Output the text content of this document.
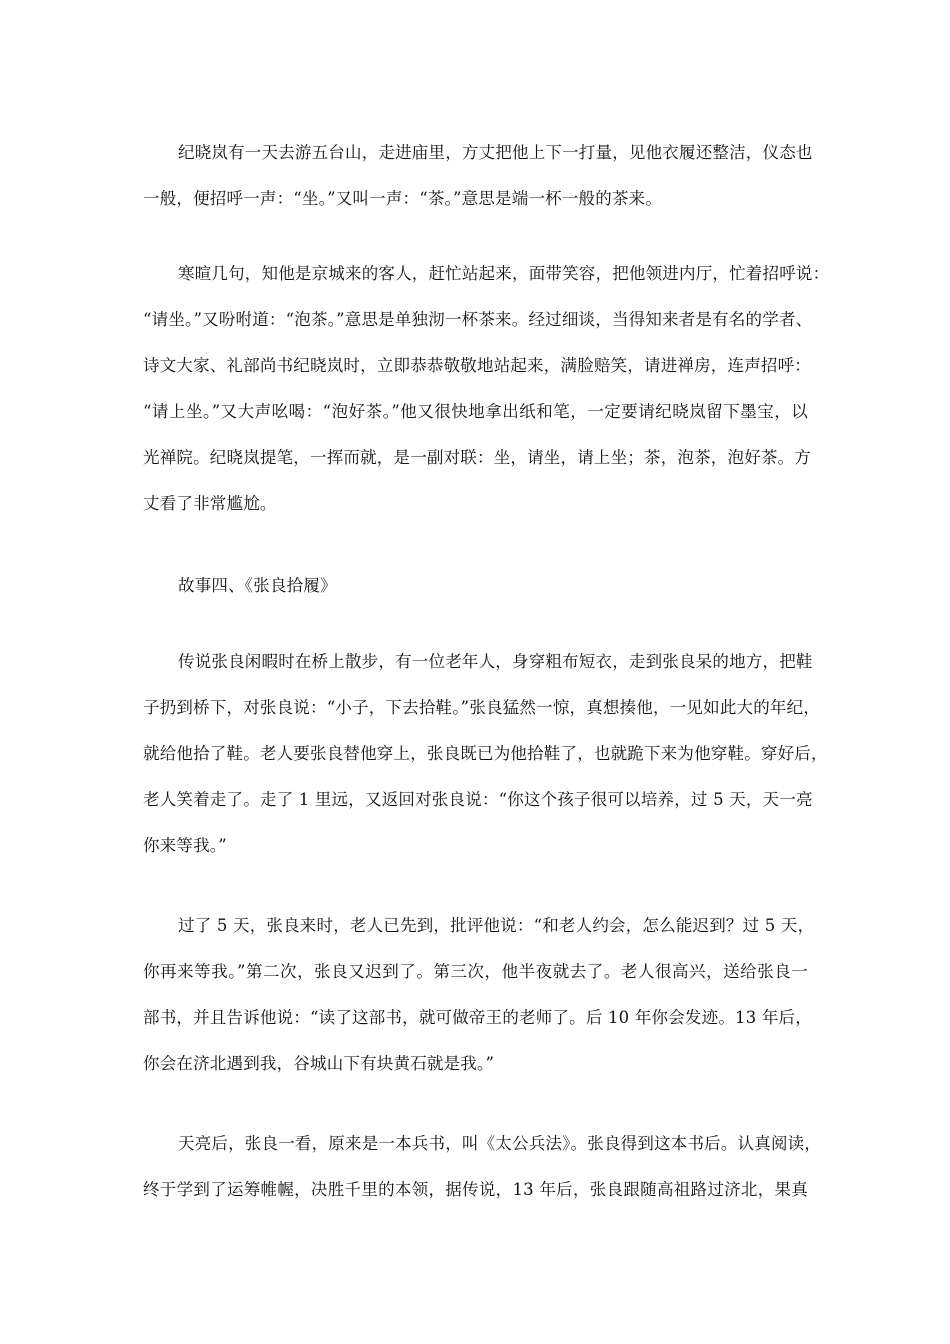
纪晓岚有一天去游五台山，走进庙里，方丈把他上下一打量，见他衣履还整洁，仪态也
一般，便招呼一声：“坐。”又叫一声：“茶。”意思是端一杯一般的茶来。
寒暄几句，知他是京城来的客人，赶忙站起来，面带笑容，把他领进内厅，忙着招呼说：
“请坐。”又吩咐道：“泡茶。”意思是单独沏一杯茶来。经过细谈，当得知来者是有名的学者、
诗文大家、礼部尚书纪晓岚时，立即恭恭敬敬地站起来，满脸赔笑，请进禅房，连声招呼：
“请上坐。”又大声吆喝：“泡好茶。”他又很快地拿出纸和笔，一定要请纪晓岚留下墨宝，以
光禅院。纪晓岚提笔，一挥而就，是一副对联：坐，请坐，请上坐；茶，泡茶，泡好茶。方
丈看了非常尴尬。
故事四、《张良拾履》
传说张良闲暇时在桥上散步，有一位老年人，身穿粗布短衣，走到张良呆的地方，把鞋
子扔到桥下，对张良说：“小子，下去拾鞋。”张良猛然一惊，真想揍他，一见如此大的年纪，
就给他拾了鞋。老人要张良替他穿上，张良既已为他拾鞋了，也就跪下来为他穿鞋。穿好后，
老人笑着走了。走了 1 里远，又返回对张良说：“你这个孩子很可以培养，过 5 天，天一亮
你来等我。”
过了 5 天，张良来时，老人已先到，批评他说：“和老人约会，怎么能迟到？过 5 天，
你再来等我。”第二次，张良又迟到了。第三次，他半夜就去了。老人很高兴，送给张良一
部书，并且告诉他说：“读了这部书，就可做帝王的老师了。后 10 年你会发迹。13 年后，
你会在济北遇到我，谷城山下有块黄石就是我。”
天亮后，张良一看，原来是一本兵书，叫《太公兵法》。张良得到这本书后。认真阅读，
终于学到了运筹帷幄，决胜千里的本领，据传说，13 年后，张良跟随高祖路过济北，果真
